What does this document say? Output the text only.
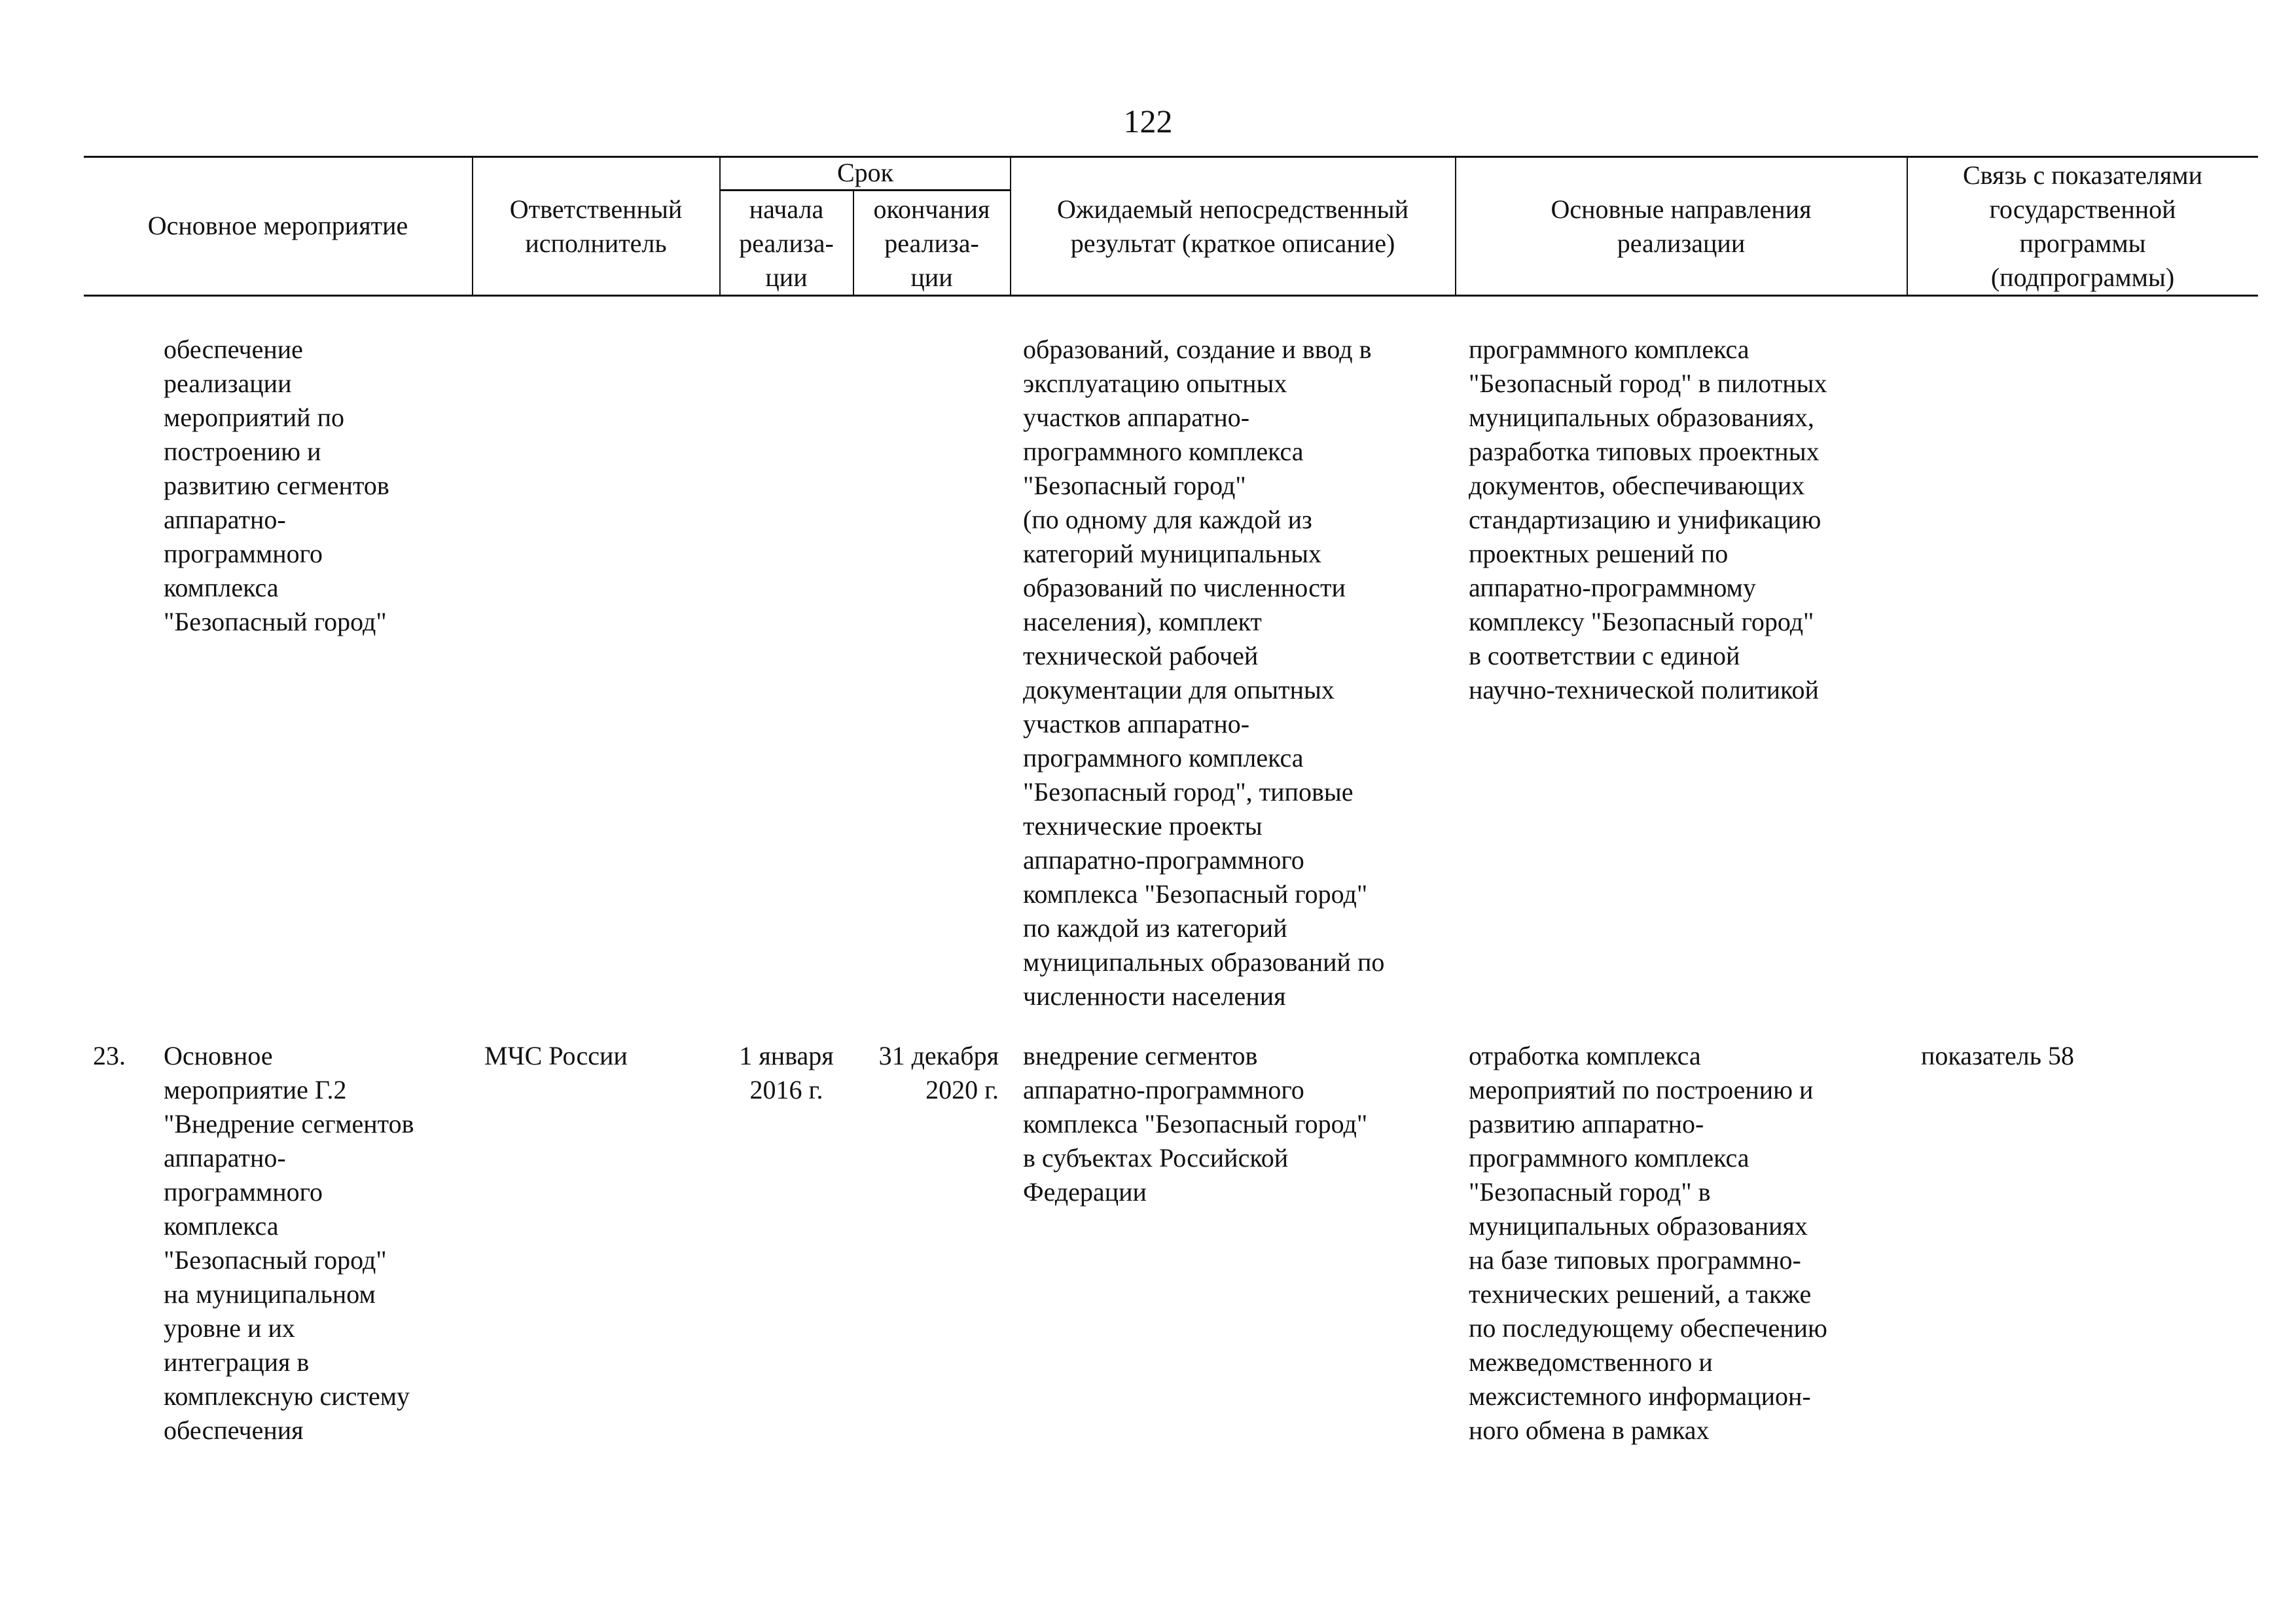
122
Основное мероприятие
Ответственный
исполнитель
Срок
начала
реализа-
ции
окончания
реализа-
ции
Ожидаемый непосредственный
результат (краткое описание)
Основные направления
реализации
Связь с показателями
государственной
программы
(подпрограммы)
обеспечение
реализации
мероприятий по
построению и
развитию сегментов
аппаратно-
программного
комплекса
"Безопасный город"
образований, создание и ввод в
эксплуатацию опытных
участков аппаратно-
программного комплекса
"Безопасный город"
(по одному для каждой из
категорий муниципальных
образований по численности
населения), комплект
технической рабочей
документации для опытных
участков аппаратно-
программного комплекса
"Безопасный город", типовые
технические проекты
аппаратно-программного
комплекса "Безопасный город"
по каждой из категорий
муниципальных образований по
численности населения
программного комплекса
"Безопасный город" в пилотных
муниципальных образованиях,
разработка типовых проектных
документов, обеспечивающих
стандартизацию и унификацию
проектных решений по
аппаратно-программному
комплексу "Безопасный город"
в соответствии с единой
научно-технической политикой
23.	Основное
мероприятие Г.2
"Внедрение сегментов
аппаратно-
программного
комплекса
"Безопасный город"
на муниципальном
уровне и их
интеграция в
комплексную систему
обеспечения
МЧС России	1 января
2016 г.
31 декабря
2020 г.
внедрение сегментов
аппаратно-программного
комплекса "Безопасный город"
в субъектах Российской
Федерации
отработка комплекса
мероприятий по построению и
развитию аппаратно-
программного комплекса
"Безопасный город" в
муниципальных образованиях
на базе типовых программно-
технических решений, а также
по последующему обеспечению
межведомственного и
межсистемного информацион-
ного обмена в рамках
показатель 58
